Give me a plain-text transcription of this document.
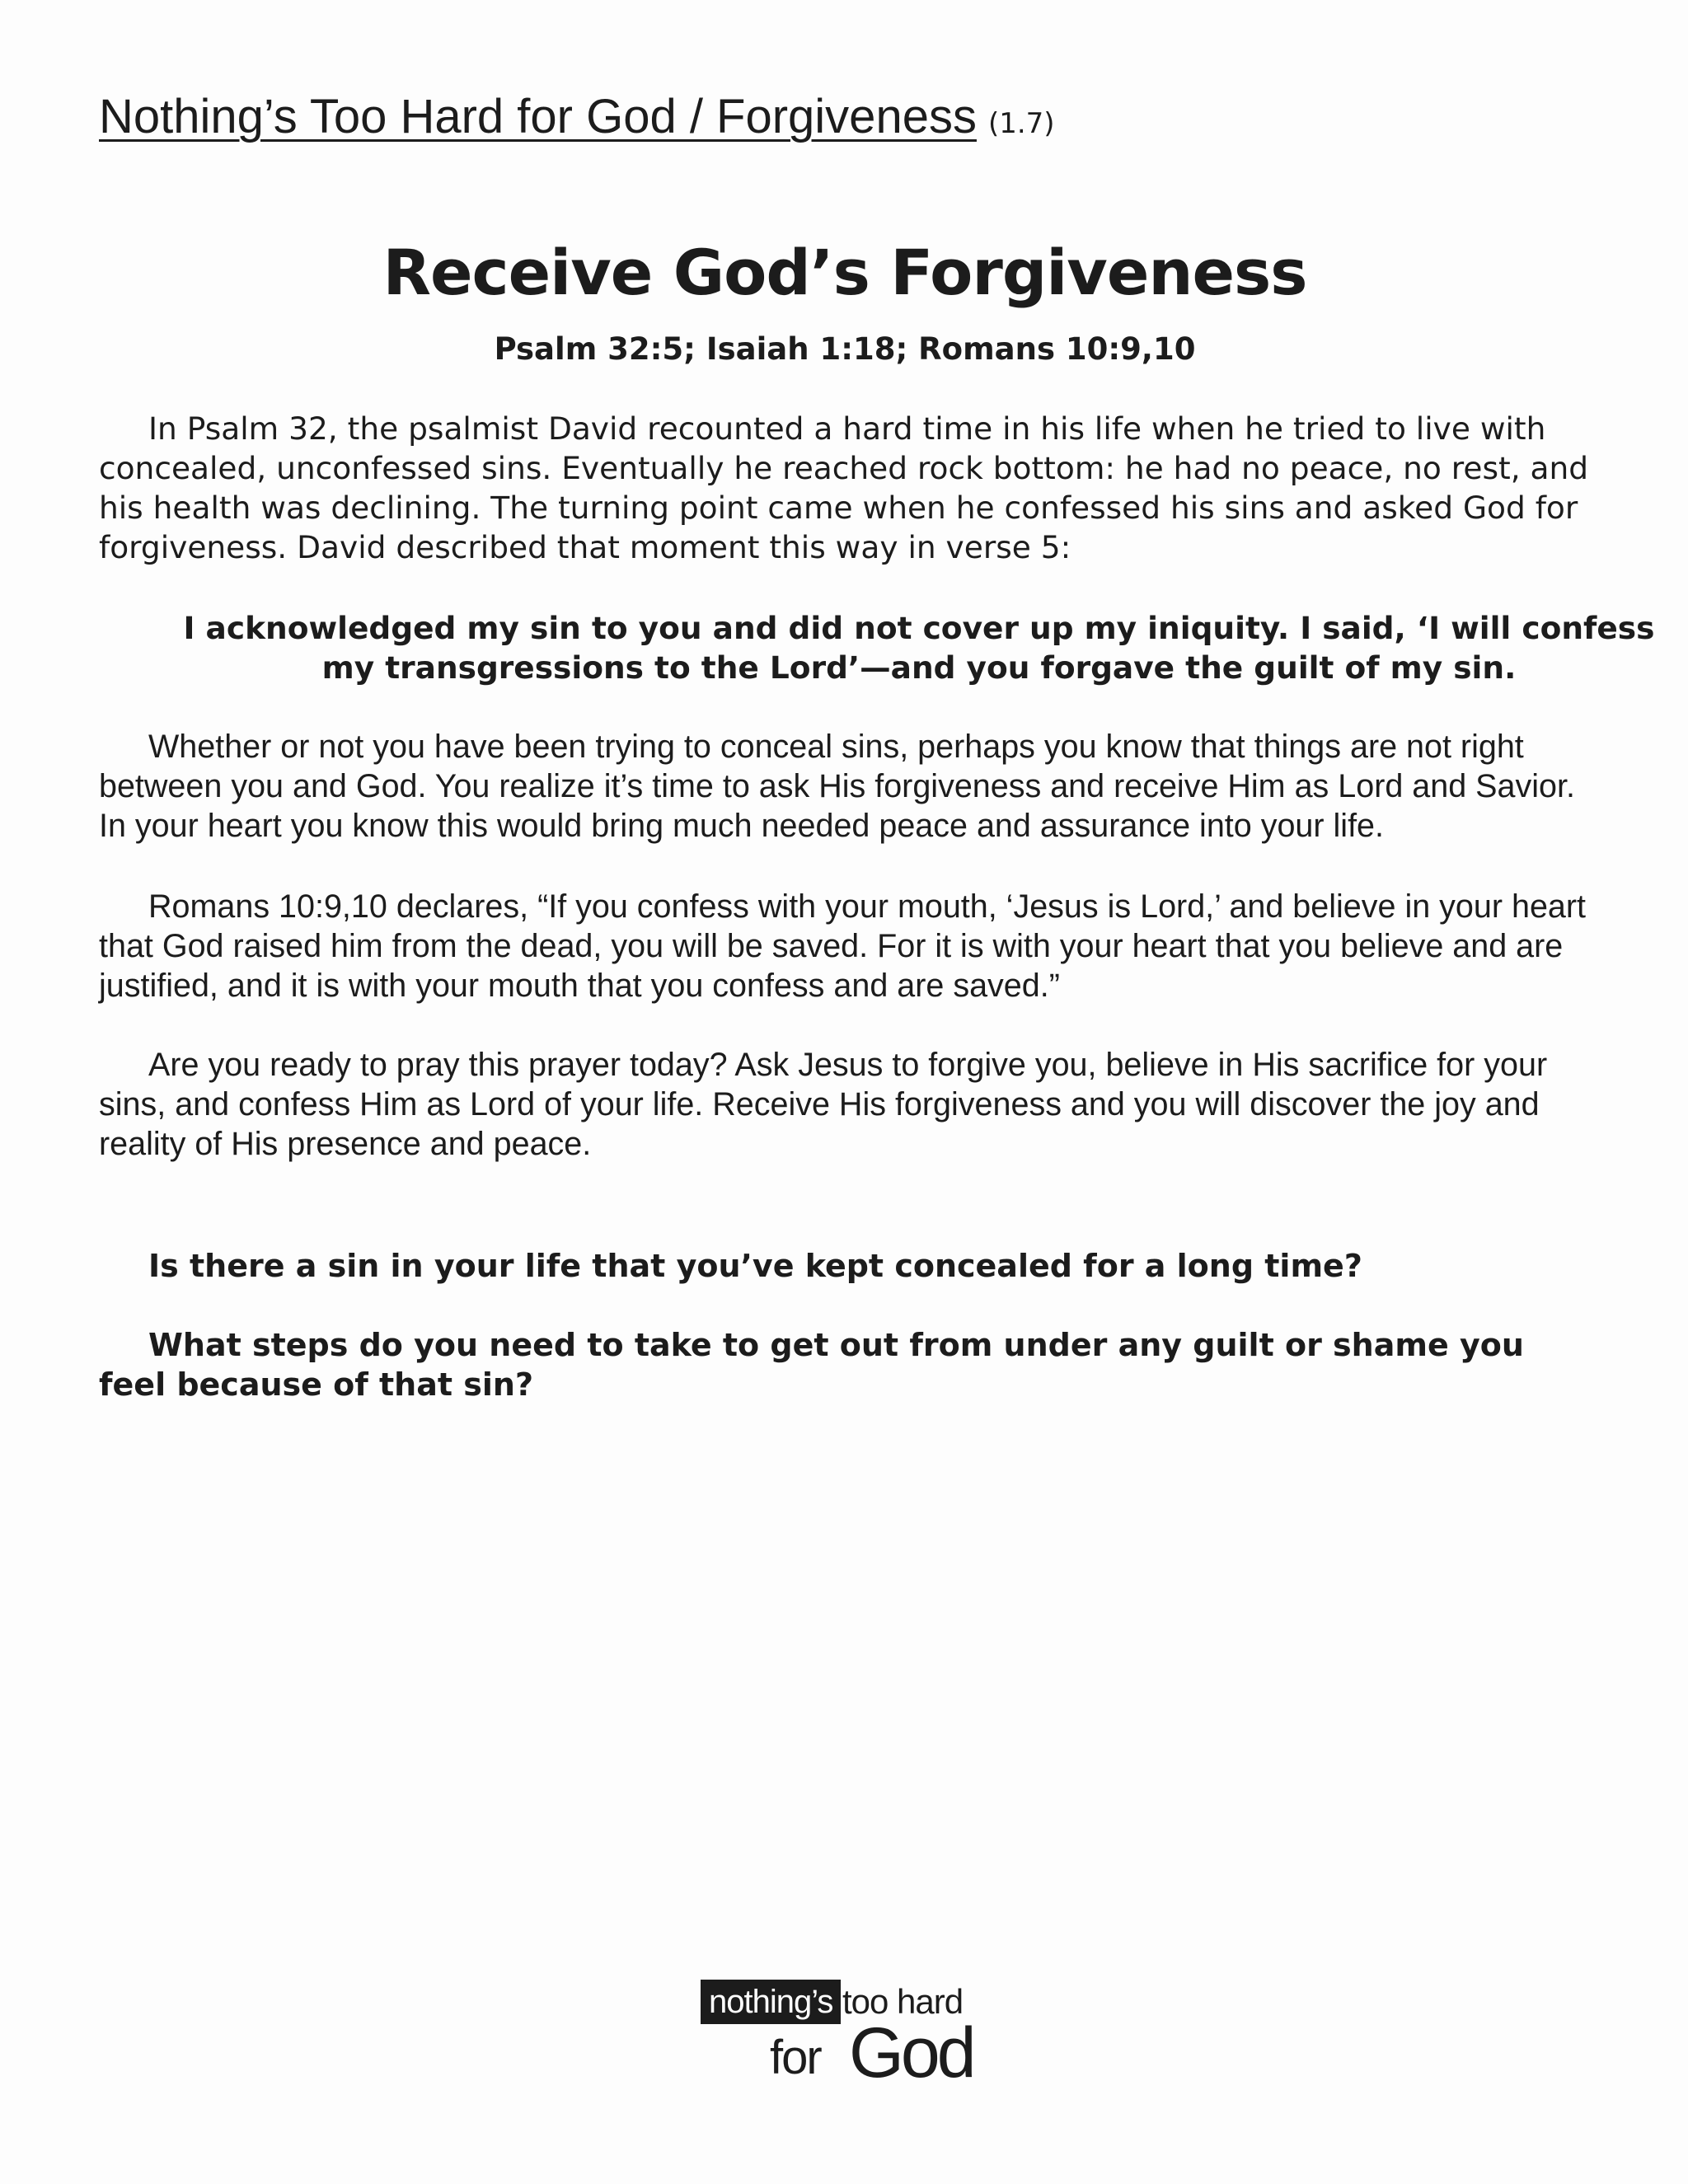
Nothing’s Too Hard for God / Forgiveness (1.7)
Receive God’s Forgiveness

Psalm 32:5; Isaiah 1:18; Romans 10:9,10

In Psalm 32, the psalmist David recounted a hard time in his life when he tried to live with concealed, unconfessed sins. Eventually he reached rock bottom: he had no peace, no rest, and his health was declining. The turning point came when he confessed his sins and asked God for forgiveness. David described that moment this way in verse 5:

I acknowledged my sin to you and did not cover up my iniquity. I said, ‘I will confess
my transgressions to the Lord’—and you forgave the guilt of my sin.

Whether or not you have been trying to conceal sins, perhaps you know that things are not right between you and God. You realize it’s time to ask His forgiveness and receive Him as Lord and Savior. In your heart you know this would bring much needed peace and assurance into your life.

Romans 10:9,10 declares, “If you confess with your mouth, ‘Jesus is Lord,’ and believe in your heart that God raised him from the dead, you will be saved. For it is with your heart that you believe and are justified, and it is with your mouth that you confess and are saved.”

Are you ready to pray this prayer today? Ask Jesus to forgive you, believe in His sacrifice for your sins, and confess Him as Lord of your life. Receive His forgiveness and you will discover the joy and reality of His presence and peace.

Is there a sin in your life that you’ve kept concealed for a long time?

What steps do you need to take to get out from under any guilt or shame you feel because of that sin?

nothing’s too hard
for God
